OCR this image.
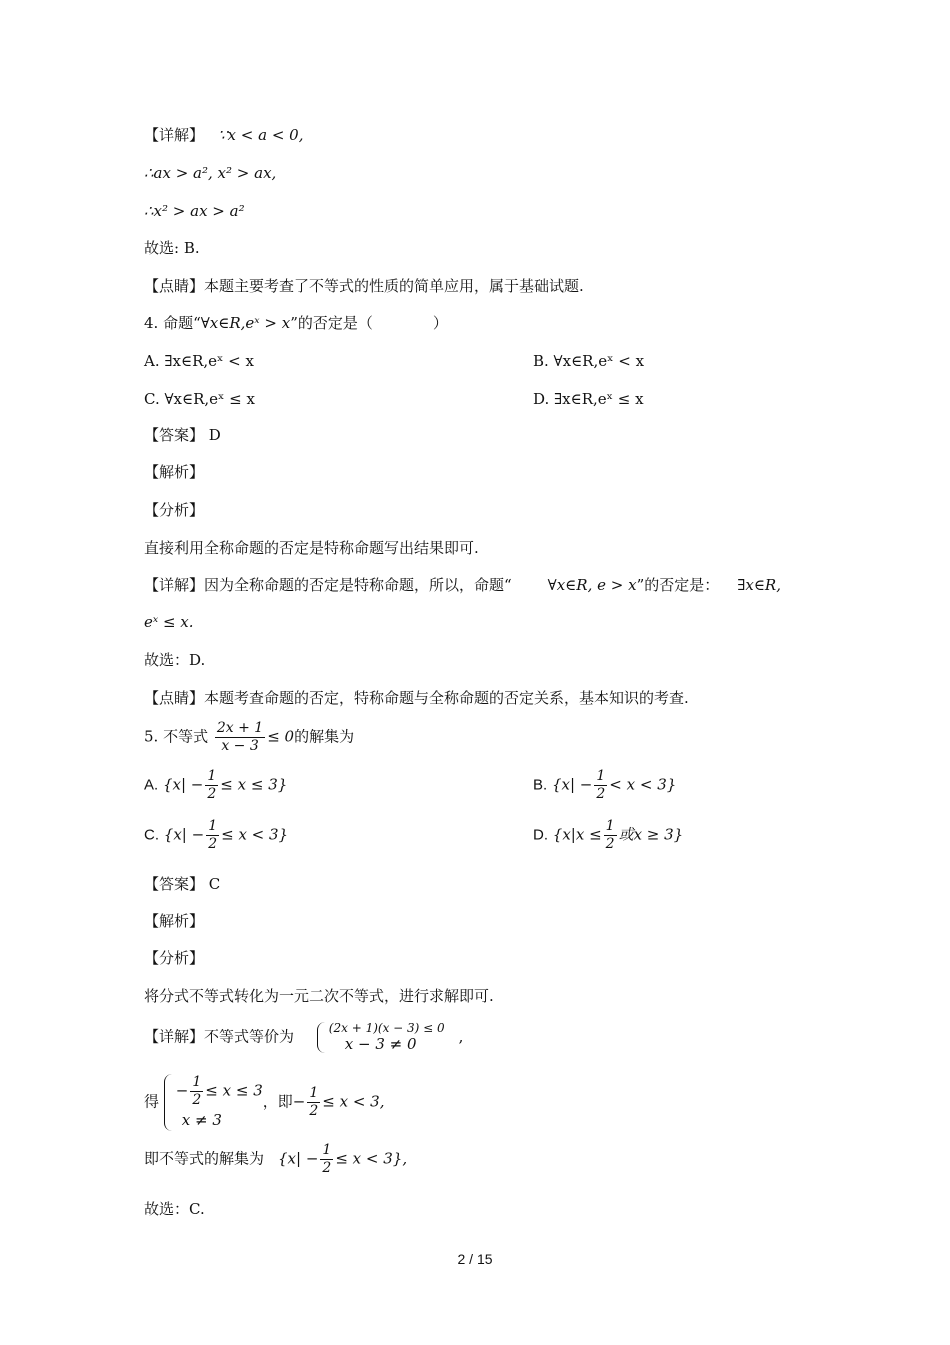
【详解】 ∵x < a < 0,
∴ax > a², x² > ax,
∴x² > ax > a²
故选: B.
【点睛】本题主要考查了不等式的性质的简单应用，属于基础试题.
4. 命题“∀x∈R,eˣ > x”的否定是（　　　　）
A. ∃x∈R,eˣ < x	B. ∀x∈R,eˣ < x
C. ∀x∈R,eˣ ≤ x	D. ∃x∈R,eˣ ≤ x
【答案】 D
【解析】
【分析】
直接利用全称命题的否定是特称命题写出结果即可.
【详解】因为全称命题的否定是特称命题，所以，命题“ ∀x∈R, e > x”的否定是： ∃x∈R,
eˣ ≤ x.
故选：D.
【点睛】本题考查命题的否定，特称命题与全称命题的否定关系，基本知识的考查.
5. 不等式 $\frac{2x + 1}{x - 3} \le 0$的解集为
A. $\{x| - \frac{1}{2} \le x \le 3\}$	B. $\{x| - \frac{1}{2} < x < 3\}$
C. $\{x| - \frac{1}{2} \le x < 3\}$	D. {$x|x \le \frac{1}{2}$ 或x ≥ 3}
【答案】 C
【解析】
【分析】
将分式不等式转化为一元二次不等式，进行求解即可.
【详解】不等式等价为	(2x + 1)(x − 3) ≤ 0
x − 3 ≠ 0	,
得
− $\frac{1}{2} \le x \le 3$
x ≠ 3
，即− $\frac{1}{2} \le x < 3$,
即不等式的解集为 $\{x| - \frac{1}{2} \le x < 3\}$,
故选：C.
2 / 15
